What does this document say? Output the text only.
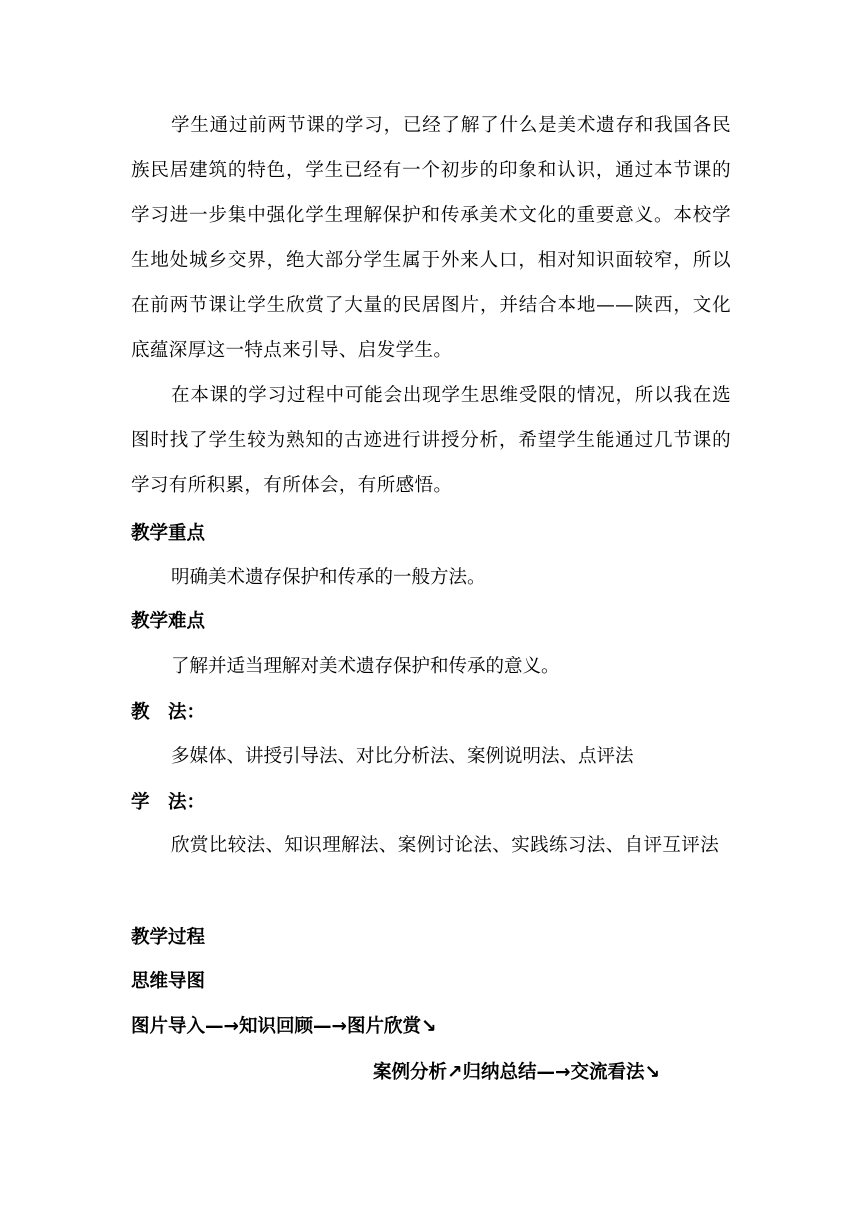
学生通过前两节课的学习，已经了解了什么是美术遗存和我国各民族民居建筑的特色，学生已经有一个初步的印象和认识，通过本节课的学习进一步集中强化学生理解保护和传承美术文化的重要意义。本校学生地处城乡交界，绝大部分学生属于外来人口，相对知识面较窄，所以在前两节课让学生欣赏了大量的民居图片，并结合本地——陕西，文化底蕴深厚这一特点来引导、启发学生。

在本课的学习过程中可能会出现学生思维受限的情况，所以我在选图时找了学生较为熟知的古迹进行讲授分析，希望学生能通过几节课的学习有所积累，有所体会，有所感悟。

教学重点

明确美术遗存保护和传承的一般方法。

教学难点

了解并适当理解对美术遗存保护和传承的意义。

教　法：

多媒体、讲授引导法、对比分析法、案例说明法、点评法

学　法：

欣赏比较法、知识理解法、案例讨论法、实践练习法、自评互评法

教学过程

思维导图

图片导入—→知识回顾—→图片欣赏↘
案例分析↗归纳总结—→交流看法↘
